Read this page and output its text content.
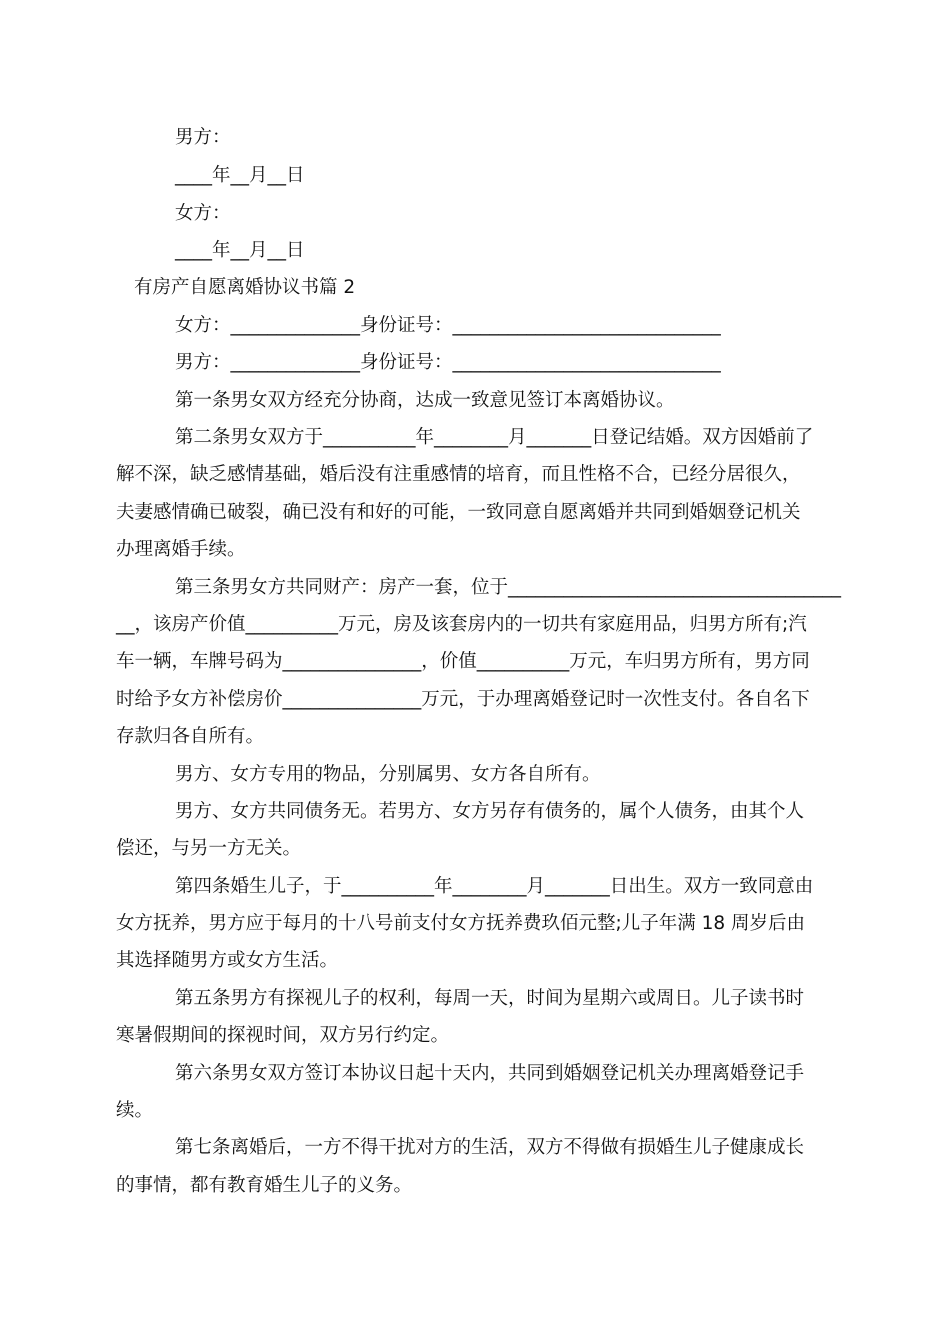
男方：
____年__月__日
女方：
____年__月__日
有房产自愿离婚协议书篇 2
女方：______________身份证号：_____________________________
男方：______________身份证号：_____________________________
第一条男女双方经充分协商，达成一致意见签订本离婚协议。
第二条男女双方于__________年________月_______日登记结婚。双方因婚前了
解不深，缺乏感情基础，婚后没有注重感情的培育，而且性格不合，已经分居很久，
夫妻感情确已破裂，确已没有和好的可能，一致同意自愿离婚并共同到婚姻登记机关
办理离婚手续。
第三条男女方共同财产：房产一套，位于____________________________________
__，该房产价值__________万元，房及该套房内的一切共有家庭用品，归男方所有;汽
车一辆，车牌号码为_______________，价值__________万元，车归男方所有，男方同
时给予女方补偿房价_______________万元，于办理离婚登记时一次性支付。各自名下
存款归各自所有。
男方、女方专用的物品，分别属男、女方各自所有。
男方、女方共同债务无。若男方、女方另存有债务的，属个人债务，由其个人
偿还，与另一方无关。
第四条婚生儿子，于__________年________月_______日出生。双方一致同意由
女方抚养，男方应于每月的十八号前支付女方抚养费玖佰元整;儿子年满 18 周岁后由
其选择随男方或女方生活。
第五条男方有探视儿子的权利，每周一天，时间为星期六或周日。儿子读书时
寒暑假期间的探视时间，双方另行约定。
第六条男女双方签订本协议日起十天内，共同到婚姻登记机关办理离婚登记手
续。
第七条离婚后，一方不得干扰对方的生活，双方不得做有损婚生儿子健康成长
的事情，都有教育婚生儿子的义务。
